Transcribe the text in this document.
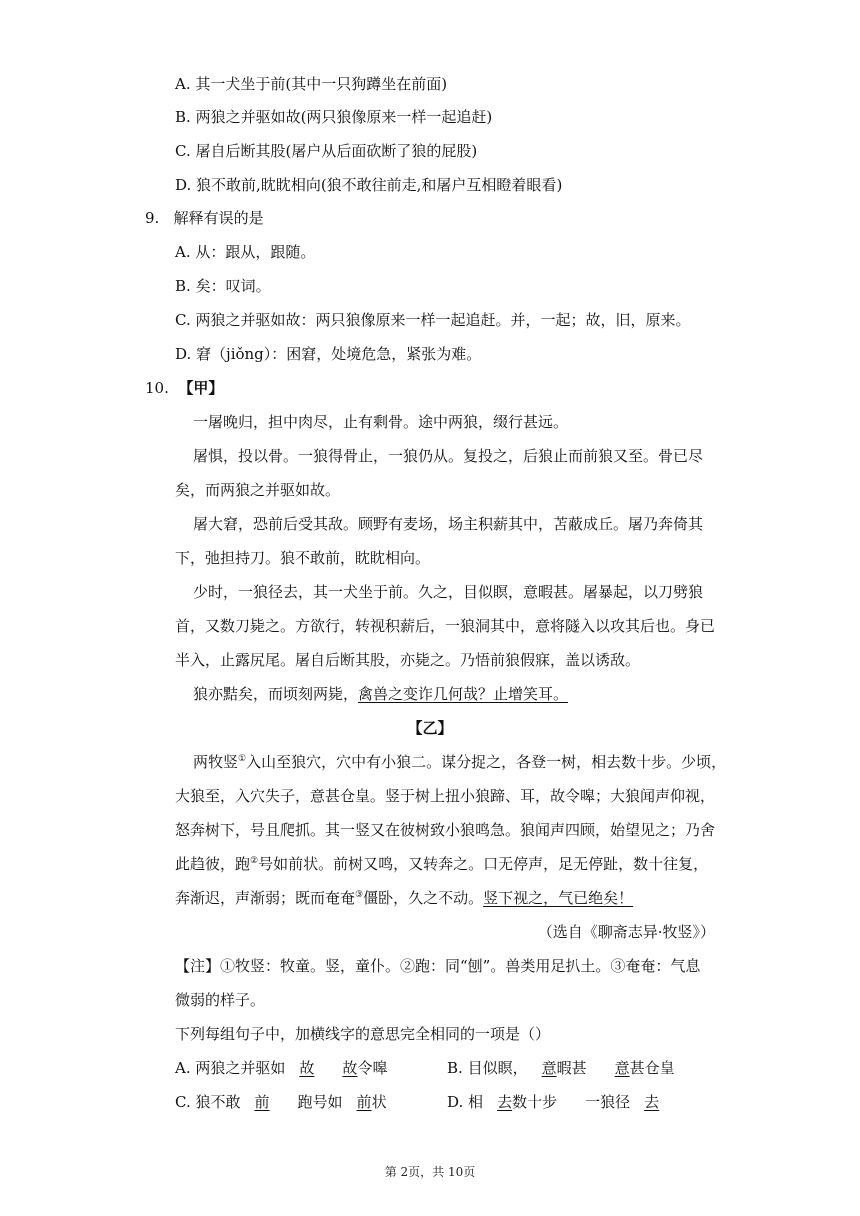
A. 其一犬坐于前(其中一只狗蹲坐在前面)
B. 两狼之并驱如故(两只狼像原来一样一起追赶)
C. 屠自后断其股(屠户从后面砍断了狼的屁股)
D. 狼不敢前,眈眈相向(狼不敢往前走,和屠户互相瞪着眼看)
9. 解释有误的是
A. 从：跟从，跟随。
B. 矣：叹词。
C. 两狼之并驱如故：两只狼像原来一样一起追赶。并，一起；故，旧，原来。
D. 窘（jiǒng）：困窘，处境危急，紧张为难。
10. 【甲】
一屠晚归，担中肉尽，止有剩骨。途中两狼，缀行甚远。
屠惧，投以骨。一狼得骨止，一狼仍从。复投之，后狼止而前狼又至。骨已尽
矣，而两狼之并驱如故。
屠大窘，恐前后受其敌。顾野有麦场，场主积薪其中，苫蔽成丘。屠乃奔倚其
下，弛担持刀。狼不敢前，眈眈相向。
少时，一狼径去，其一犬坐于前。久之，目似瞑，意暇甚。屠暴起，以刀劈狼
首，又数刀毙之。方欲行，转视积薪后，一狼洞其中，意将隧入以攻其后也。身已
半入，止露尻尾。屠自后断其股，亦毙之。乃悟前狼假寐，盖以诱敌。
狼亦黠矣，而顷刻两毙，禽兽之变诈几何哉？止增笑耳。
【乙】
两牧竖①入山至狼穴，穴中有小狼二。谋分捉之，各登一树，相去数十步。少顷，
大狼至，入穴失子，意甚仓皇。竖于树上扭小狼蹄、耳，故令嗥；大狼闻声仰视，
怒奔树下，号且爬抓。其一竖又在彼树致小狼鸣急。狼闻声四顾，始望见之；乃舍
此趋彼，跑②号如前状。前树又鸣，又转奔之。口无停声，足无停趾，数十往复，
奔渐迟，声渐弱；既而奄奄③僵卧，久之不动。竖下视之，气已绝矣！
（选自《聊斋志异·牧竖》）
【注】①牧竖：牧童。竖，童仆。②跑：同“刨”。兽类用足扒土。③奄奄：气息
微弱的样子。
下列每组句子中，加横线字的意思完全相同的一项是（）
A. 两狼之并驱如 故 故令嗥	B. 目似瞑， 意暇甚 意甚仓皇
C. 狼不敢 前 跑号如 前状	D. 相 去数十步 一狼径 去
第 2页，共 10页
